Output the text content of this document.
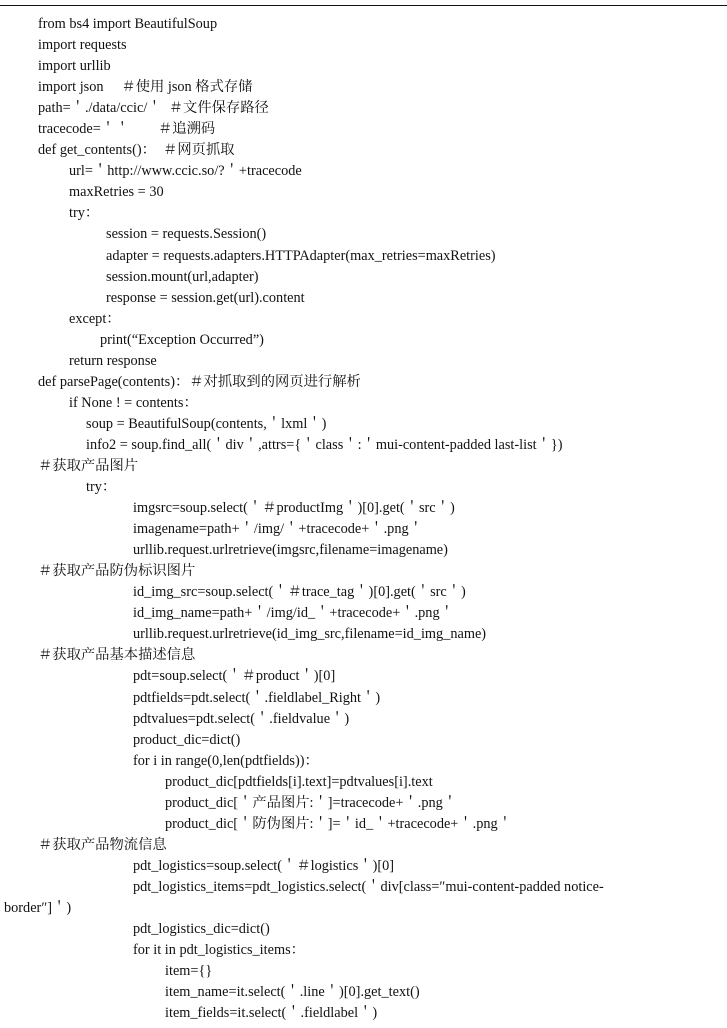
from bs4 import BeautifulSoup
import requests
import urllib
import json     ＃使用 json 格式存储
path=＇./data/ccic/＇  ＃文件保存路径
tracecode=＇＇        ＃追溯码
def get_contents()：  ＃网页抓取
url=＇http://www.ccic.so/?＇+tracecode
maxRetries = 30
try：
session = requests.Session()
adapter = requests.adapters.HTTPAdapter(max_retries=maxRetries)
session.mount(url,adapter)
response = session.get(url).content
except：
print(“Exception Occurred”)
return response
def parsePage(contents)：＃对抓取到的网页进行解析
if None ! = contents：
soup = BeautifulSoup(contents,＇lxml＇)
info2 = soup.find_all(＇div＇,attrs={＇class＇:＇mui-content-padded last-list＇})
＃获取产品图片
try：
imgsrc=soup.select(＇＃productImg＇)[0].get(＇src＇)
imagename=path+＇/img/＇+tracecode+＇.png＇
urllib.request.urlretrieve(imgsrc,filename=imagename)
＃获取产品防伪标识图片
id_img_src=soup.select(＇＃trace_tag＇)[0].get(＇src＇)
id_img_name=path+＇/img/id_＇+tracecode+＇.png＇
urllib.request.urlretrieve(id_img_src,filename=id_img_name)
＃获取产品基本描述信息
pdt=soup.select(＇＃product＇)[0]
pdtfields=pdt.select(＇.fieldlabel_Right＇)
pdtvalues=pdt.select(＇.fieldvalue＇)
product_dic=dict()
for i in range(0,len(pdtfields))：
product_dic[pdtfields[i].text]=pdtvalues[i].text
product_dic[＇产品图片:＇]=tracecode+＇.png＇
product_dic[＇防伪图片:＇]=＇id_＇+tracecode+＇.png＇
＃获取产品物流信息
pdt_logistics=soup.select(＇＃logistics＇)[0]
pdt_logistics_items=pdt_logistics.select(＇div[class=″mui-content-padded notice-
border″]＇)
pdt_logistics_dic=dict()
for it in pdt_logistics_items：
item={}
item_name=it.select(＇.line＇)[0].get_text()
item_fields=it.select(＇.fieldlabel＇)
